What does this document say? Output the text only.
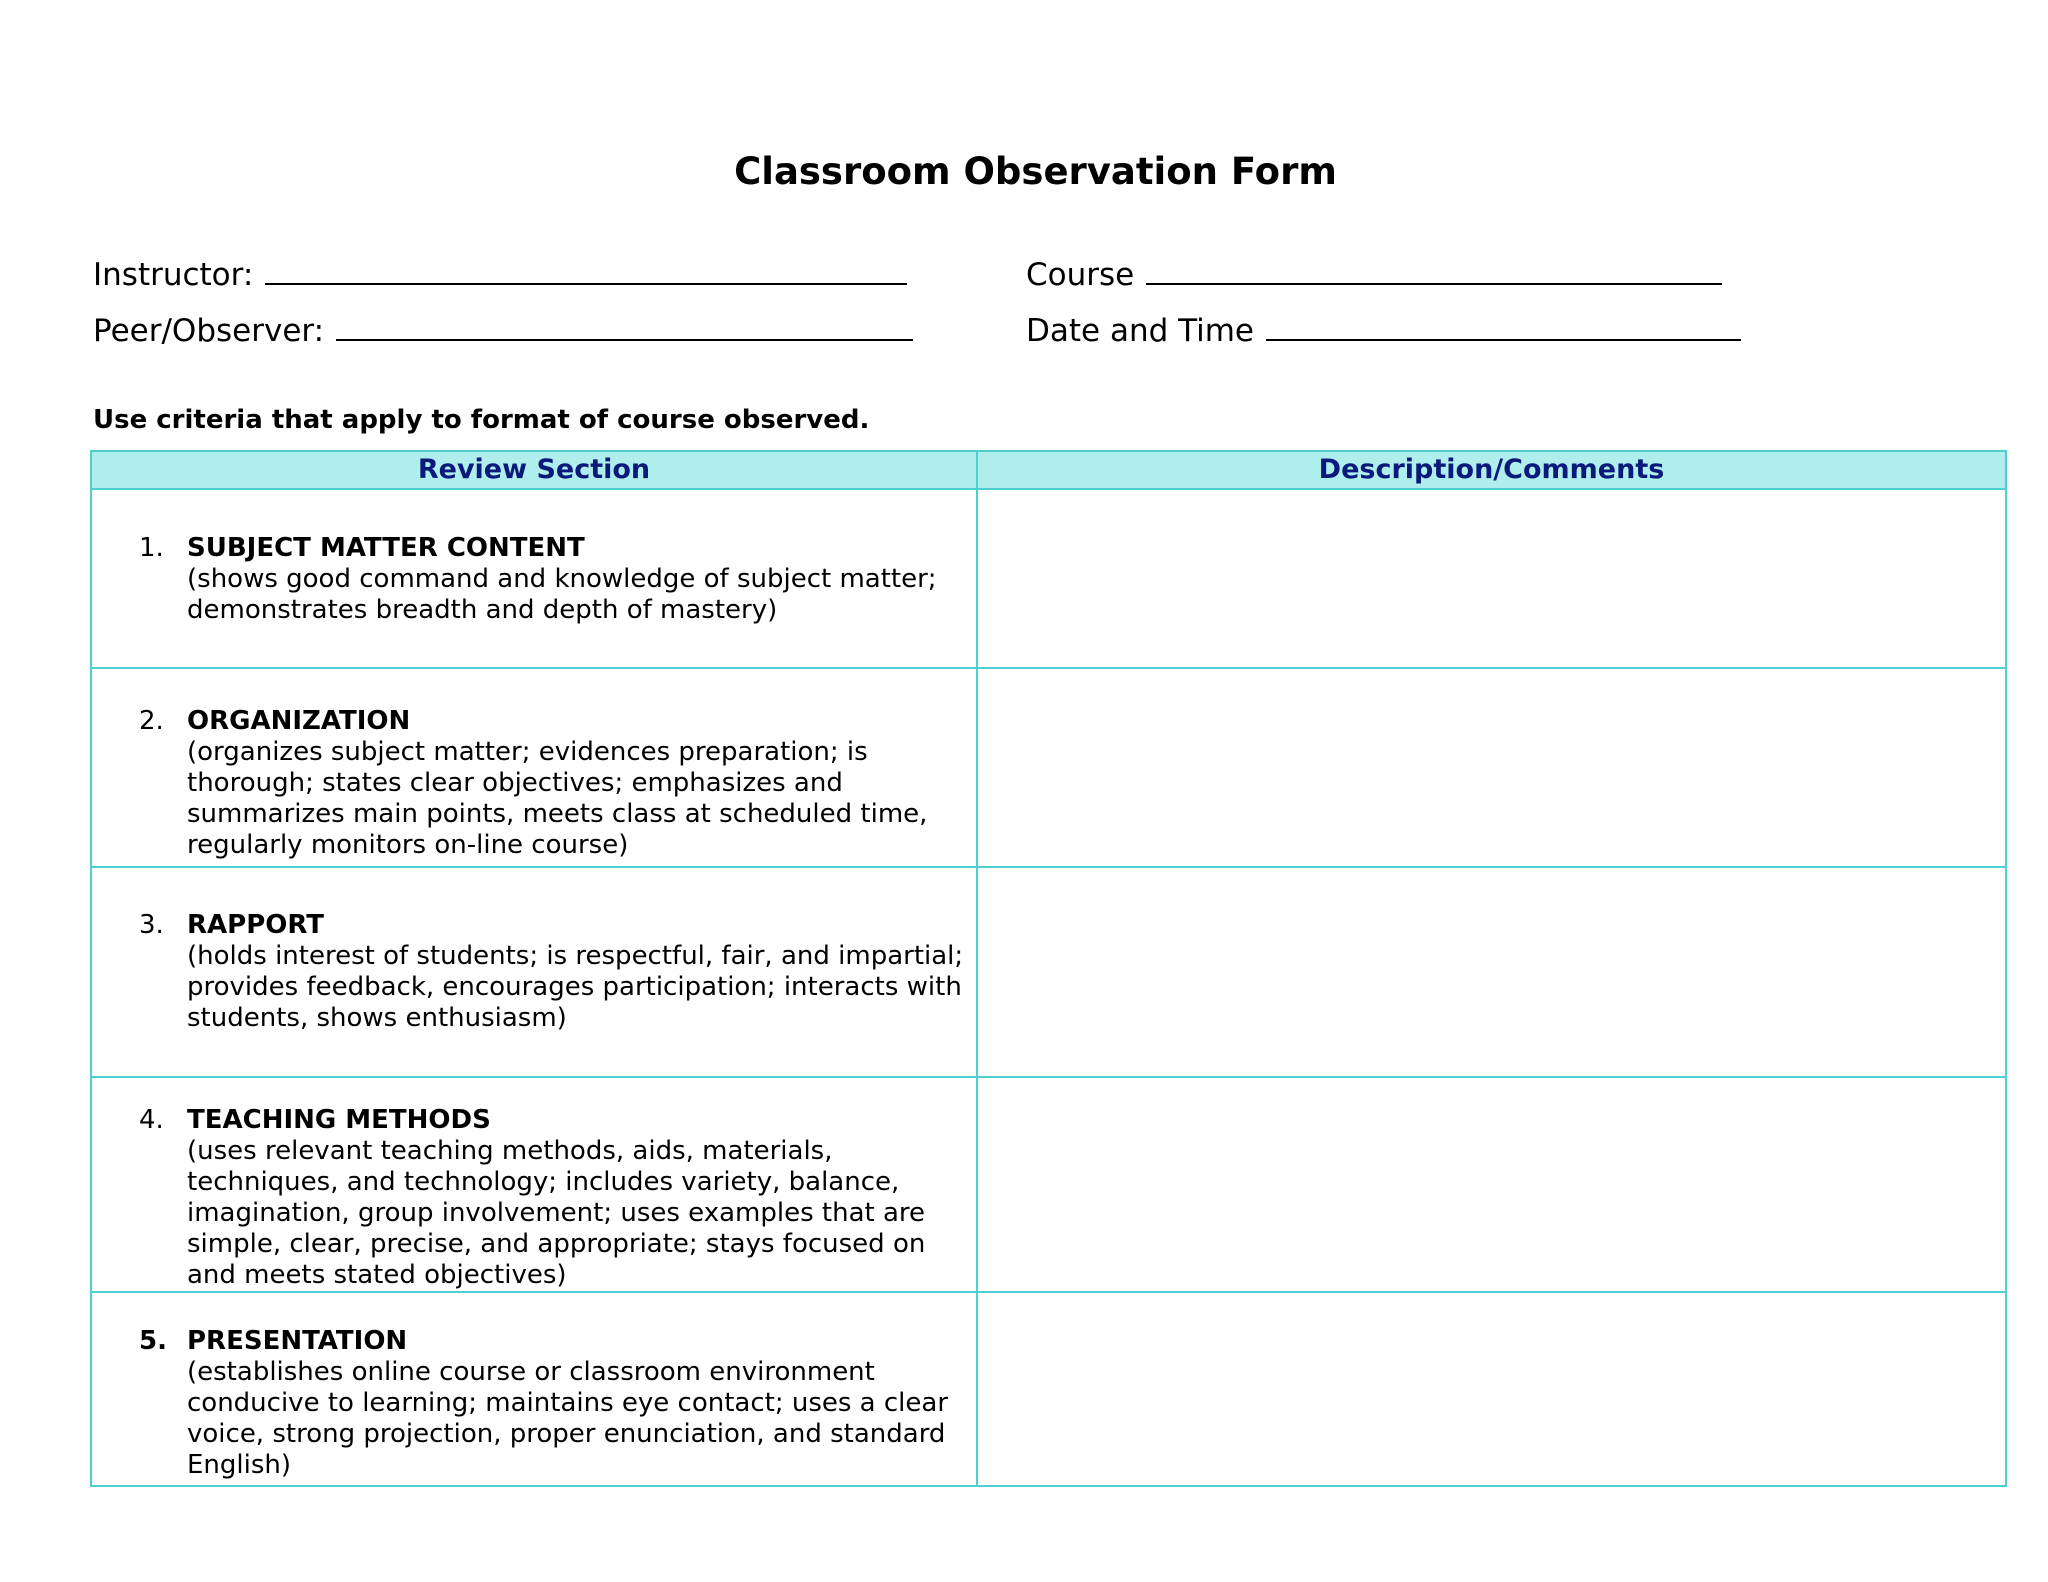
Classroom Observation Form
Instructor:	Course
Peer/Observer:	Date and Time
Use criteria that apply to format of course observed.
Review Section	Description/Comments

1. SUBJECT MATTER CONTENT
(shows good command and knowledge of subject matter; demonstrates breadth and depth of mastery)	

2. ORGANIZATION
(organizes subject matter; evidences preparation; is thorough; states clear objectives; emphasizes and summarizes main points, meets class at scheduled time, regularly monitors on-line course)	

3. RAPPORT
(holds interest of students; is respectful, fair, and impartial; provides feedback, encourages participation; interacts with students, shows enthusiasm)	

4. TEACHING METHODS
(uses relevant teaching methods, aids, materials, techniques, and technology; includes variety, balance, imagination, group involvement; uses examples that are simple, clear, precise, and appropriate; stays focused on and meets stated objectives)	

5. PRESENTATION
(establishes online course or classroom environment conducive to learning; maintains eye contact; uses a clear voice, strong projection, proper enunciation, and standard English)	
